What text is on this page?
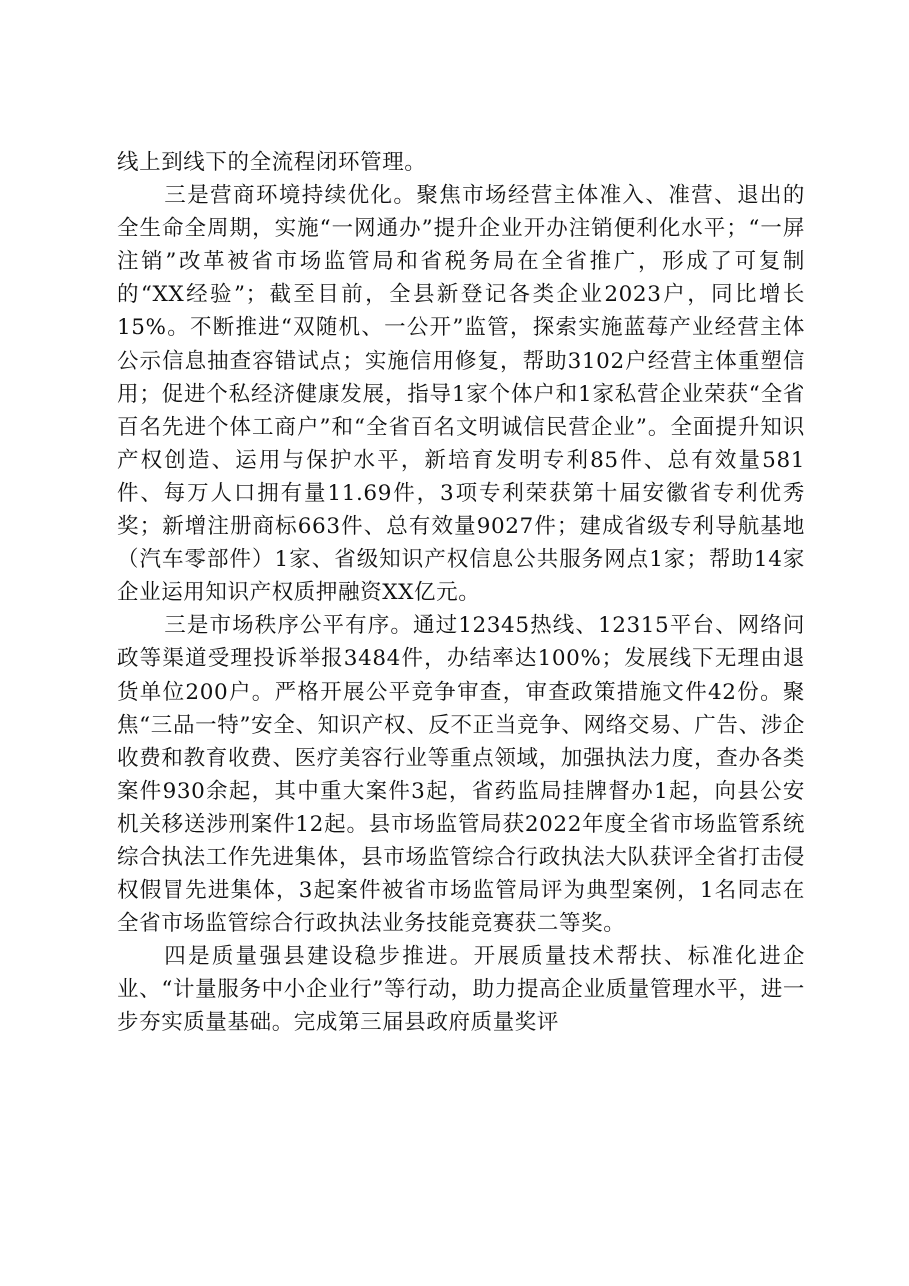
线上到线下的全流程闭环管理。

三是营商环境持续优化。聚焦市场经营主体准入、准营、退出的全生命全周期，实施“一网通办”提升企业开办注销便利化水平；“一屏注销”改革被省市场监管局和省税务局在全省推广，形成了可复制的“XX经验”；截至目前，全县新登记各类企业2023户，同比增长15%。不断推进“双随机、一公开”监管，探索实施蓝莓产业经营主体公示信息抽查容错试点；实施信用修复，帮助3102户经营主体重塑信用；促进个私经济健康发展，指导1家个体户和1家私营企业荣获“全省百名先进个体工商户”和“全省百名文明诚信民营企业”。全面提升知识产权创造、运用与保护水平，新培育发明专利85件、总有效量581件、每万人口拥有量11.69件，3项专利荣获第十届安徽省专利优秀奖；新增注册商标663件、总有效量9027件；建成省级专利导航基地（汽车零部件）1家、省级知识产权信息公共服务网点1家；帮助14家企业运用知识产权质押融资XX亿元。

三是市场秩序公平有序。通过12345热线、12315平台、网络问政等渠道受理投诉举报3484件，办结率达100%；发展线下无理由退货单位200户。严格开展公平竞争审查，审查政策措施文件42份。聚焦“三品一特”安全、知识产权、反不正当竞争、网络交易、广告、涉企收费和教育收费、医疗美容行业等重点领域，加强执法力度，查办各类案件930余起，其中重大案件3起，省药监局挂牌督办1起，向县公安机关移送涉刑案件12起。县市场监管局获2022年度全省市场监管系统综合执法工作先进集体，县市场监管综合行政执法大队获评全省打击侵权假冒先进集体，3起案件被省市场监管局评为典型案例，1名同志在全省市场监管综合行政执法业务技能竞赛获二等奖。

四是质量强县建设稳步推进。开展质量技术帮扶、标准化进企业、“计量服务中小企业行”等行动，助力提高企业质量管理水平，进一步夯实质量基础。完成第三届县政府质量奖评
